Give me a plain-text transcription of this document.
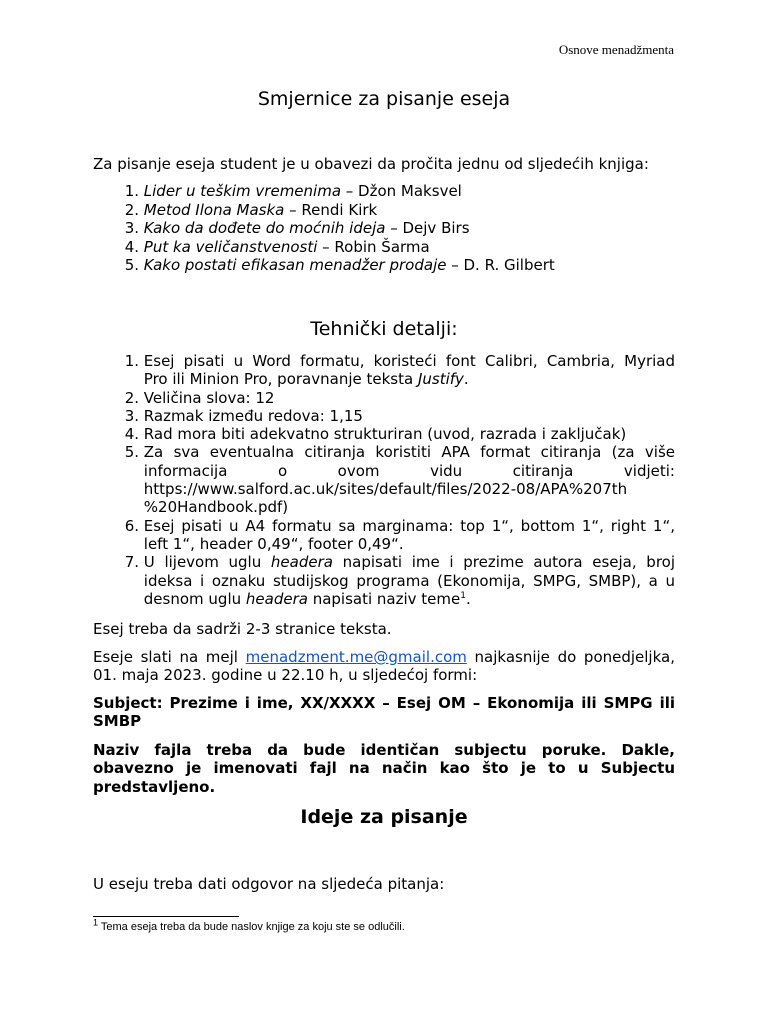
Osnove menadžmenta
Smjernice za pisanje eseja
Za pisanje eseja student je u obavezi da pročita jednu od sljedećih knjiga:
1. Lider u teškim vremenima – Džon Maksvel
2. Metod Ilona Maska – Rendi Kirk
3. Kako da dođete do moćnih ideja – Dejv Birs
4. Put ka veličanstvenosti – Robin Šarma
5. Kako postati efikasan menadžer prodaje – D. R. Gilbert
Tehnički detalji:
1.
Esej pisati u Word formatu, koristeći font Calibri, Cambria, Myriad
Pro ili Minion Pro, poravnanje teksta Justify.
2.
Veličina slova: 12
3.
Razmak između redova: 1,15
4.
Rad mora biti adekvatno strukturiran (uvod, razrada i zaključak)
5.
Za sva eventualna citiranja koristiti APA format citiranja (za više
informacija o ovom vidu citiranja vidjeti:
https://www.salford.ac.uk/sites/default/files/2022-08/APA%207th
%20Handbook.pdf)
6.
Esej pisati u A4 formatu sa marginama: top 1“, bottom 1“, right 1“,
left 1“, header 0,49“, footer 0,49“.
7.
U lijevom uglu headera napisati ime i prezime autora eseja, broj
ideksa i oznaku studijskog programa (Ekonomija, SMPG, SMBP), a u
desnom uglu headera napisati naziv teme$^1$.
Esej treba da sadrži 2-3 stranice teksta.
Eseje slati na mejl menadzment.me@gmail.com najkasnije do ponedjeljka,
01. maja 2023. godine u 22.10 h, u sljedećoj formi:
Subject: Prezime i ime, XX/XXXX – Esej OM – Ekonomija ili SMPG ili
SMBP
Naziv fajla treba da bude identičan subjectu poruke. Dakle,
obavezno je imenovati fajl na način kao što je to u Subjectu
predstavljeno.
Ideje za pisanje
U eseju treba dati odgovor na sljedeća pitanja:
$^1$ Tema eseja treba da bude naslov knjige za koju ste se odlučili.
